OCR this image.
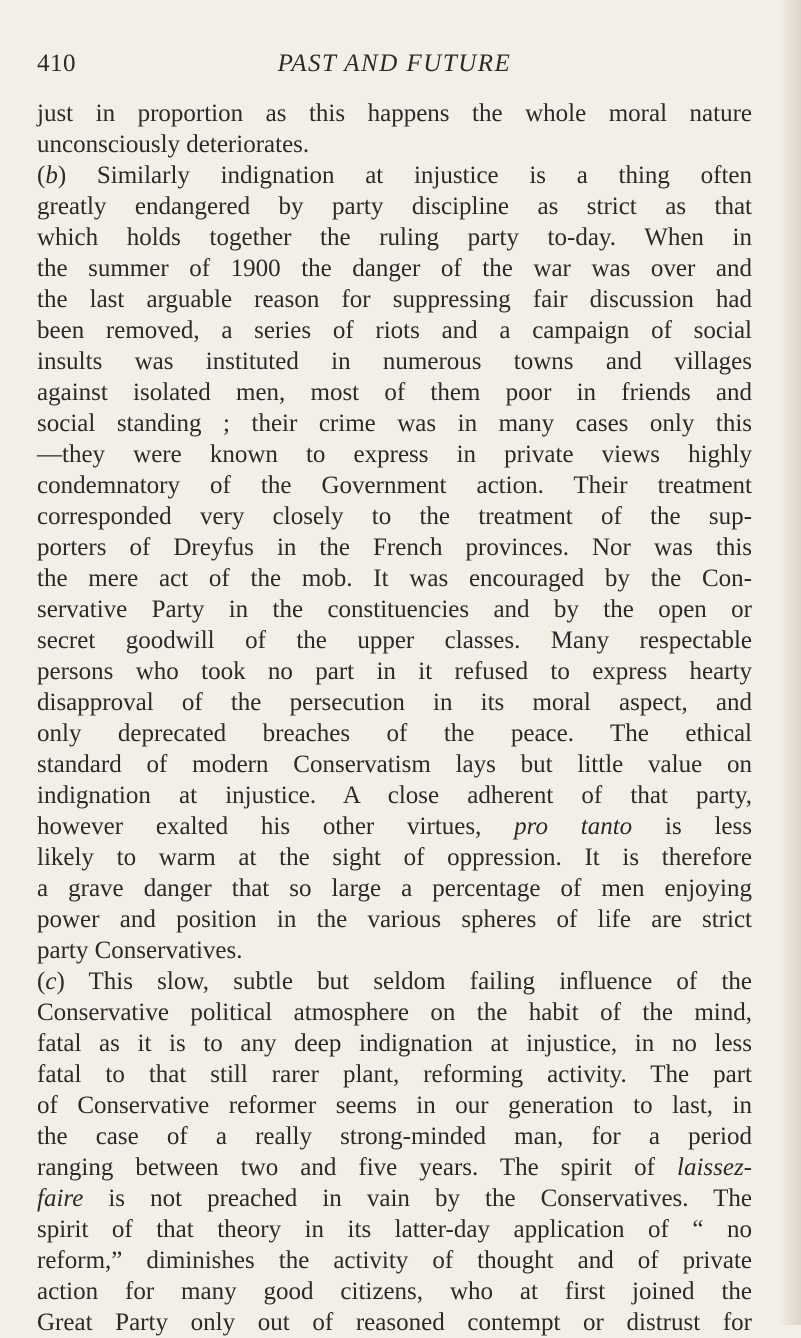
410	PAST AND FUTURE
just in proportion as this happens the whole moral nature
unconsciously deteriorates.
(b) Similarly indignation at injustice is a thing often
greatly endangered by party discipline as strict as that
which holds together the ruling party to-day. When in
the summer of 1900 the danger of the war was over and
the last arguable reason for suppressing fair discussion had
been removed, a series of riots and a campaign of social
insults was instituted in numerous towns and villages
against isolated men, most of them poor in friends and
social standing ; their crime was in many cases only this
—they were known to express in private views highly
condemnatory of the Government action. Their treatment
corresponded very closely to the treatment of the sup-
porters of Dreyfus in the French provinces. Nor was this
the mere act of the mob. It was encouraged by the Con-
servative Party in the constituencies and by the open or
secret goodwill of the upper classes. Many respectable
persons who took no part in it refused to express hearty
disapproval of the persecution in its moral aspect, and
only deprecated breaches of the peace. The ethical
standard of modern Conservatism lays but little value on
indignation at injustice. A close adherent of that party,
however exalted his other virtues, pro tanto is less
likely to warm at the sight of oppression. It is therefore
a grave danger that so large a percentage of men enjoying
power and position in the various spheres of life are strict
party Conservatives.
(c) This slow, subtle but seldom failing influence of the
Conservative political atmosphere on the habit of the mind,
fatal as it is to any deep indignation at injustice, in no less
fatal to that still rarer plant, reforming activity. The part
of Conservative reformer seems in our generation to last, in
the case of a really strong-minded man, for a period
ranging between two and five years. The spirit of laissez-
faire is not preached in vain by the Conservatives. The
spirit of that theory in its latter-day application of “ no
reform,” diminishes the activity of thought and of private
action for many good citizens, who at first joined the
Great Party only out of reasoned contempt or distrust for
